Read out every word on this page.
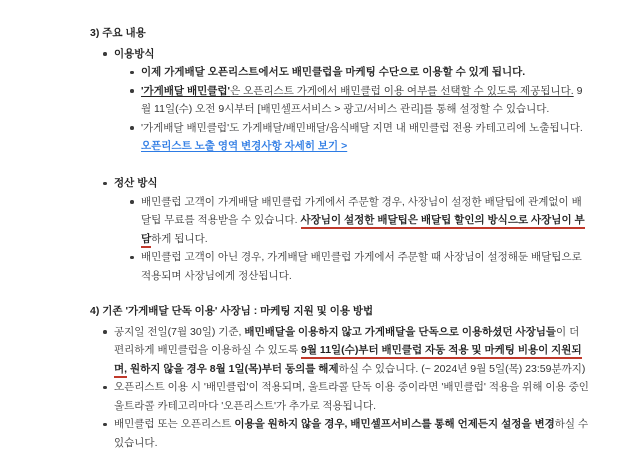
3) 주요 내용
이용방식
이제 가게배달 오픈리스트에서도 배민클럽을 마케팅 수단으로 이용할 수 있게 됩니다.
'가게배달 배민클럽'은 오픈리스트 가게에서 배민클럽 이용 여부를 선택할 수 있도록 제공됩니다. 9월 11일(수) 오전 9시부터 [배민셀프서비스 > 광고/서비스 관리]를 통해 설정할 수 있습니다.
'가게배달 배민클럽'도 가게배달/배민배달/음식배달 지면 내 배민클럽 전용 카테고리에 노출됩니다.
오픈리스트 노출 영역 변경사항 자세히 보기 >
정산 방식
배민클럽 고객이 가게배달 배민클럽 가게에서 주문할 경우, 사장님이 설정한 배달팁에 관계없이 배달팁 무료를 적용받을 수 있습니다. 사장님이 설정한 배달팁은 배달팁 할인의 방식으로 사장님이 부담하게 됩니다.
배민클럽 고객이 아닌 경우, 가게배달 배민클럽 가게에서 주문할 때 사장님이 설정해둔 배달팁으로 적용되며 사장님에게 정산됩니다.
4) 기존 '가게배달 단독 이용' 사장님 : 마케팅 지원 및 이용 방법
공지일 전일(7월 30일) 기준, 배민배달을 이용하지 않고 가게배달을 단독으로 이용하셨던 사장님들이 더 편리하게 배민클럽을 이용하실 수 있도록 9월 11일(수)부터 배민클럽 자동 적용 및 마케팅 비용이 지원되며, 원하지 않을 경우 8월 1일(목)부터 동의를 해제하실 수 있습니다. (~ 2024년 9월 5일(목) 23:59분까지)
오픈리스트 이용 시 '배민클럽'이 적용되며, 울트라콜 단독 이용 중이라면 '배민클럽' 적용을 위해 이용 중인 울트라콜 카테고리마다 '오픈리스트'가 추가로 적용됩니다.
배민클럽 또는 오픈리스트 이용을 원하지 않을 경우, 배민셀프서비스를 통해 언제든지 설정을 변경하실 수 있습니다.
